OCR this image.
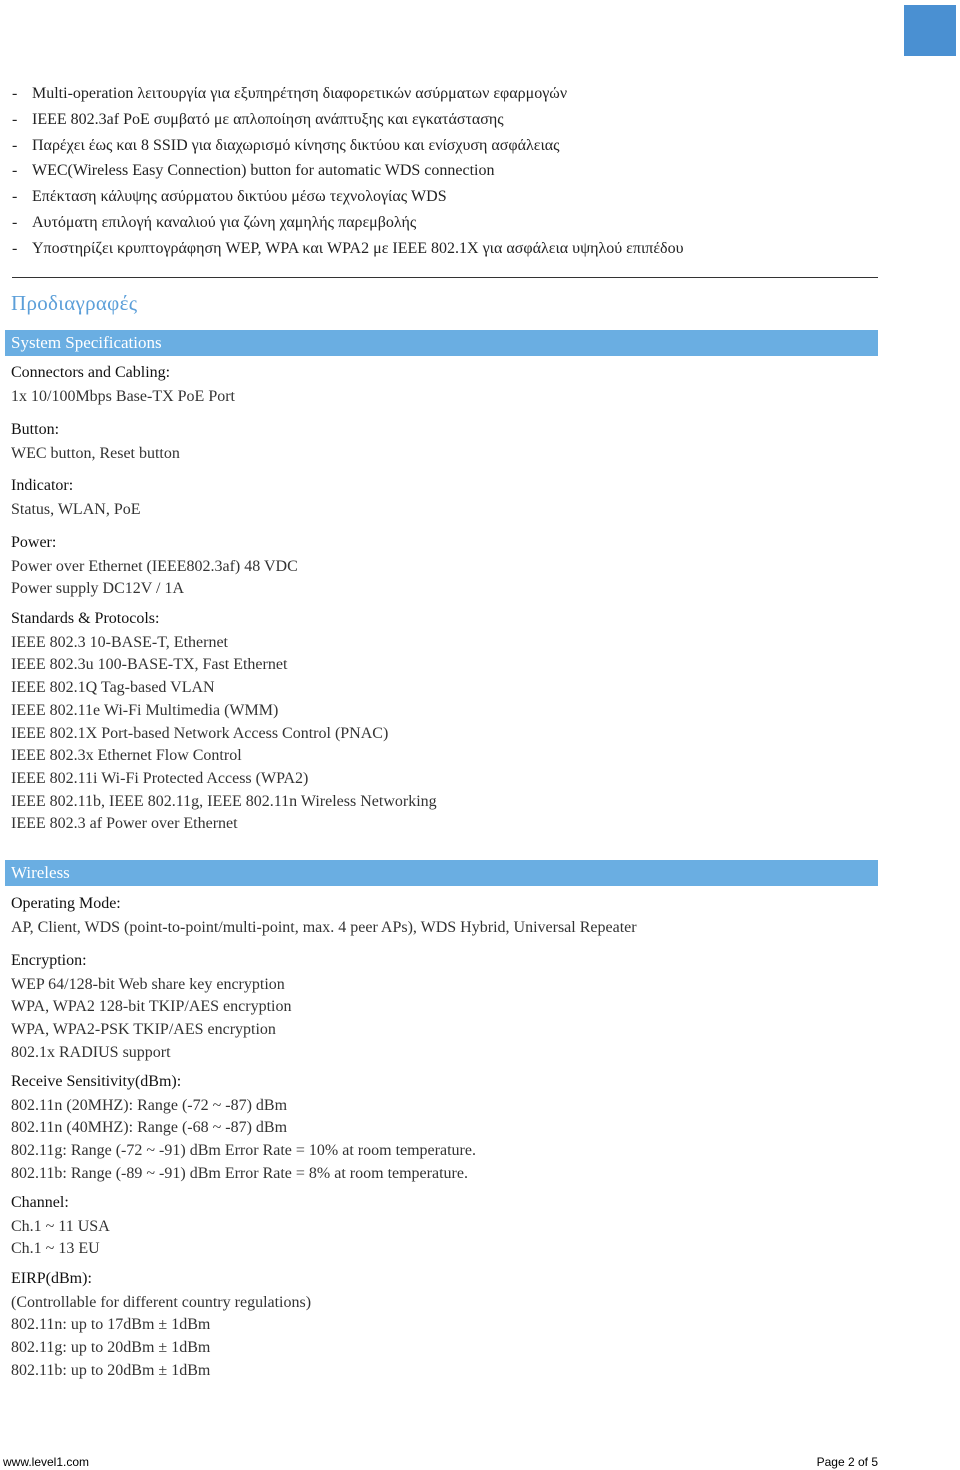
- Multi-operation λειτουργία για εξυπηρέτηση διαφορετικών ασύρματων εφαρμογών
- IEEE 802.3af PoE συμβατό με απλοποίηση ανάπτυξης και εγκατάστασης
- Παρέχει έως και 8 SSID για διαχωρισμό κίνησης δικτύου και ενίσχυση ασφάλειας
- WEC(Wireless Easy Connection) button for automatic WDS connection
- Επέκταση κάλυψης ασύρματου δικτύου μέσω τεχνολογίας WDS
- Αυτόματη επιλογή καναλιού για ζώνη χαμηλής παρεμβολής
- Υποστηρίζει κρυπτογράφηση WEP, WPA και WPA2 με IEEE 802.1X για ασφάλεια υψηλού επιπέδου
Προδιαγραφές
System Specifications
Connectors and Cabling:
1x 10/100Mbps Base-TX PoE Port
Button:
WEC button, Reset button
Indicator:
Status, WLAN, PoE
Power:
Power over Ethernet (IEEE802.3af) 48 VDC
Power supply DC12V / 1A
Standards & Protocols:
IEEE 802.3 10-BASE-T, Ethernet
IEEE 802.3u 100-BASE-TX, Fast Ethernet
IEEE 802.1Q Tag-based VLAN
IEEE 802.11e Wi-Fi Multimedia (WMM)
IEEE 802.1X Port-based Network Access Control (PNAC)
IEEE 802.3x Ethernet Flow Control
IEEE 802.11i Wi-Fi Protected Access (WPA2)
IEEE 802.11b, IEEE 802.11g, IEEE 802.11n Wireless Networking
IEEE 802.3 af Power over Ethernet
Wireless
Operating Mode:
AP, Client, WDS (point-to-point/multi-point, max. 4 peer APs), WDS Hybrid, Universal Repeater
Encryption:
WEP 64/128-bit Web share key encryption
WPA, WPA2 128-bit TKIP/AES encryption
WPA, WPA2-PSK TKIP/AES encryption
802.1x RADIUS support
Receive Sensitivity(dBm):
802.11n (20MHZ): Range (-72 ~ -87) dBm
802.11n (40MHZ): Range (-68 ~ -87) dBm
802.11g: Range (-72 ~ -91) dBm Error Rate = 10% at room temperature.
802.11b: Range (-89 ~ -91) dBm Error Rate = 8% at room temperature.
Channel:
Ch.1 ~ 11 USA
Ch.1 ~ 13 EU
EIRP(dBm):
(Controllable for different country regulations)
802.11n: up to 17dBm ± 1dBm
802.11g: up to 20dBm ± 1dBm
802.11b: up to 20dBm ± 1dBm
www.level1.com	Page 2 of 5
